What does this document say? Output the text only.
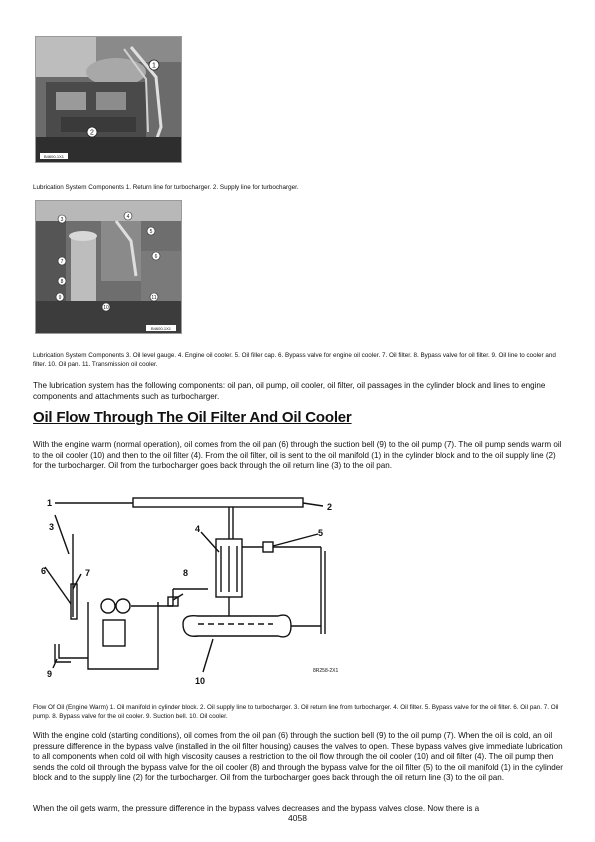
1
2
B4600-1X1
Lubrication System Components 1. Return line for turbocharger. 2. Supply line for turbocharger.
3	4
5
6
7
8
9
10
11
B4600-1X1
Lubrication System Components 3. Oil level gauge. 4. Engine oil cooler. 5. Oil filler cap. 6. Bypass valve for engine oil cooler. 7. Oil filter. 8. Bypass valve for oil filter. 9. Oil line to cooler and filter. 10. Oil pan. 11. Transmission oil cooler.
The lubrication system has the following components: oil pan, oil pump, oil cooler, oil filter, oil passages in the cylinder block and lines to engine components and attachments such as turbocharger.
Oil Flow Through The Oil Filter And Oil Cooler
With the engine warm (normal operation), oil comes from the oil pan (6) through the suction bell (9) to the oil pump (7). The oil pump sends warm oil to the oil cooler (10) and then to the oil filter (4). From the oil filter, oil is sent to the oil manifold (1) in the cylinder block and to the oil supply line (2) for the turbocharger. Oil from the turbocharger goes back through the oil return line (3) to the oil pan.
1	2
3	4	5
6	7	8
9
10
8R258-2X1
Flow Of Oil (Engine Warm) 1. Oil manifold in cylinder block. 2. Oil supply line to turbocharger. 3. Oil return line from turbocharger. 4. Oil filter. 5. Bypass valve for the oil filter. 6. Oil pan. 7. Oil pump. 8. Bypass valve for the oil cooler. 9. Suction bell. 10. Oil cooler.
With the engine cold (starting conditions), oil comes from the oil pan (6) through the suction bell (9) to the oil pump (7). When the oil is cold, an oil pressure difference in the bypass valve (installed in the oil filter housing) causes the valves to open. These bypass valves give immediate lubrication to all components when cold oil with high viscosity causes a restriction to the oil flow through the oil cooler (10) and oil filter (4). The oil pump then sends the cold oil through the bypass valve for the oil cooler (8) and through the bypass valve for the oil filter (5) to the oil manifold (1) in the cylinder block and to the supply line (2) for the turbocharger. Oil from the turbocharger goes back through the oil return line (3) to the oil pan.
When the oil gets warm, the pressure difference in the bypass valves decreases and the bypass valves close. Now there is a
4058
